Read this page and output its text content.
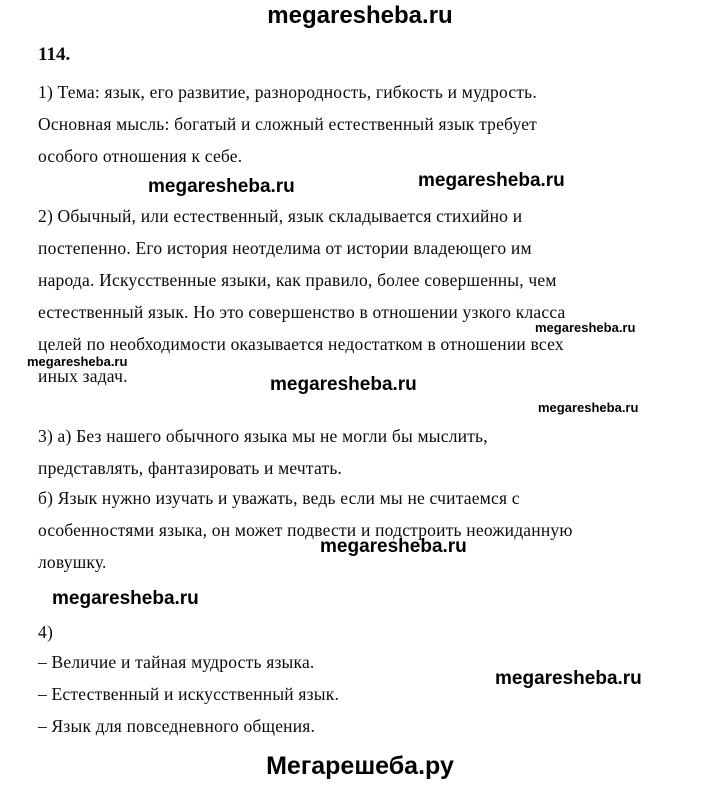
megaresheba.ru
114.
1) Тема: язык, его развитие, разнородность, гибкость и мудрость.
Основная мысль: богатый и сложный естественный язык требует
особого отношения к себе.
megaresheba.ru	megaresheba.ru
2) Обычный, или естественный, язык складывается стихийно и
постепенно. Его история неотделима от истории владеющего им
народа. Искусственные языки, как правило, более совершенны, чем
естественный язык. Но это совершенство в отношении узкого класса
целей по необходимости оказывается недостатком в отношении всех
иных задач.
megaresheba.ru
megaresheba.ru
megaresheba.ru
megaresheba.ru
3) а) Без нашего обычного языка мы не могли бы мыслить,
представлять, фантазировать и мечтать.
б) Язык нужно изучать и уважать, ведь если мы не считаемся с
особенностями языка, он может подвести и подстроить неожиданную
ловушку.
megaresheba.ru
megaresheba.ru
4)
– Величие и тайная мудрость языка.
– Естественный и искусственный язык.
– Язык для повседневного общения.
megaresheba.ru
Мегарешеба.ру
